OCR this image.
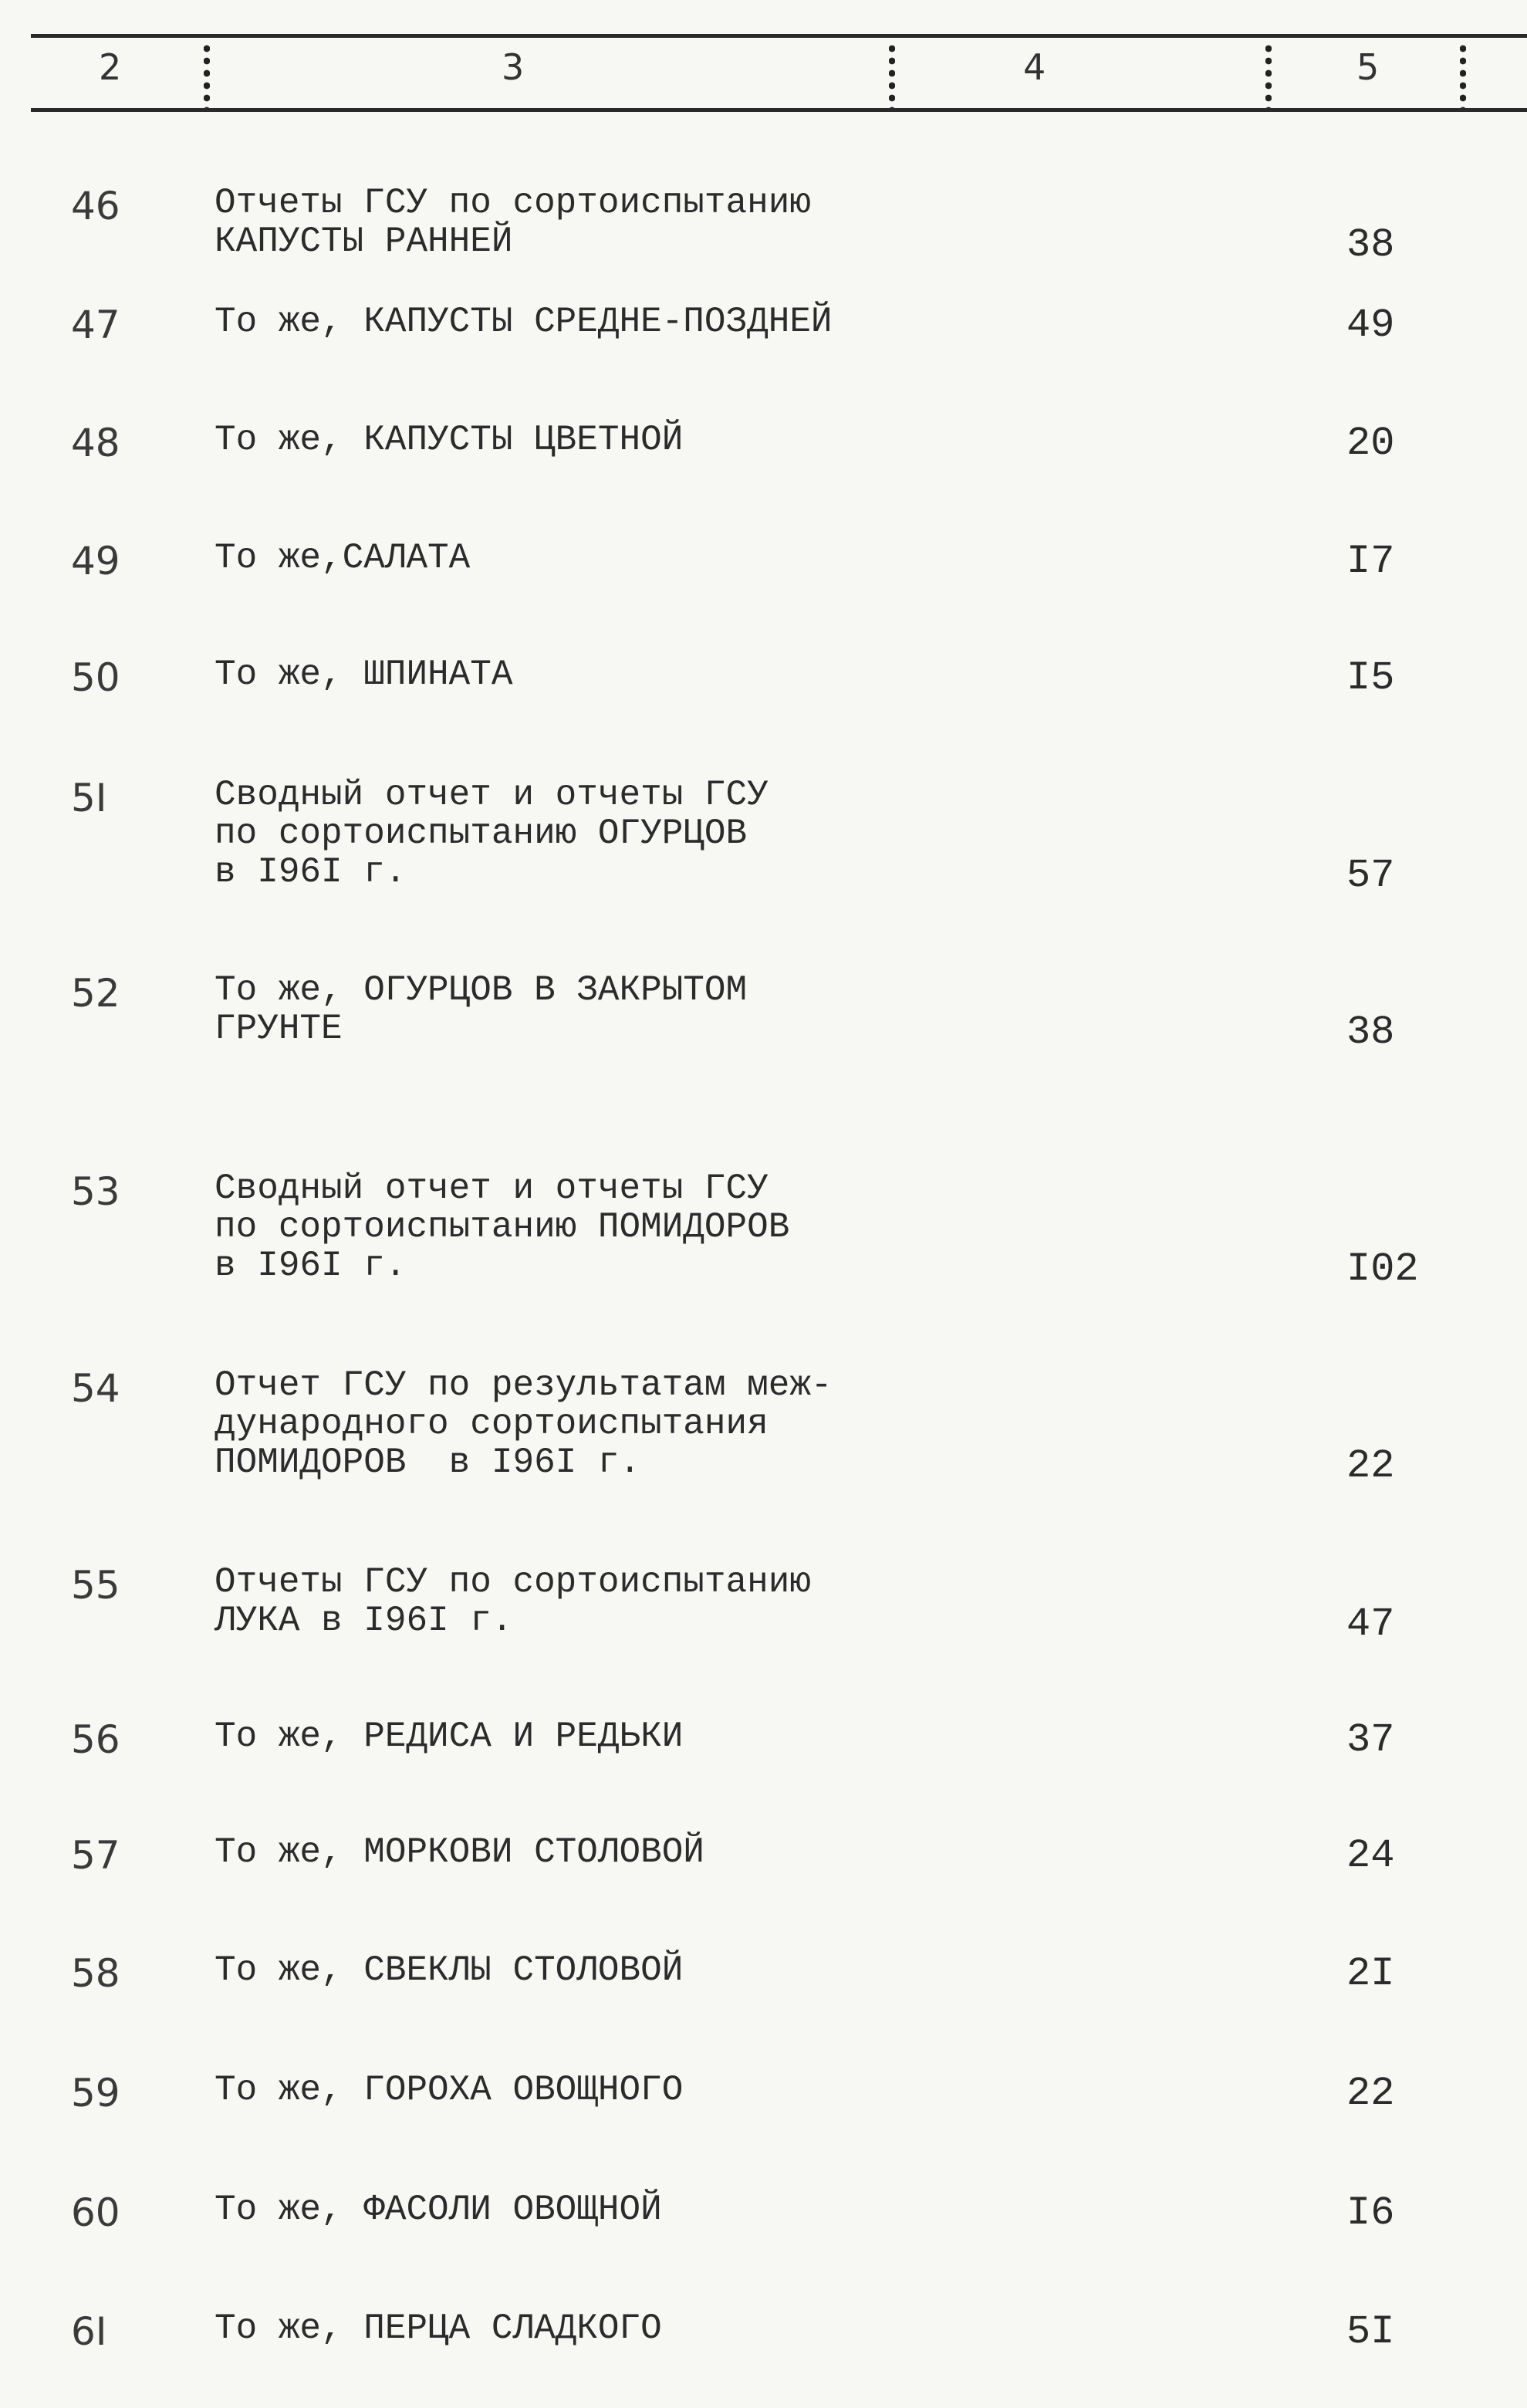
2	3	4	5
46	Отчеты ГСУ по сортоиспытанию
КАПУСТЫ РАННЕЙ	38
47	То же, КАПУСТЫ СРЕДНЕ-ПОЗДНЕЙ	49
48	То же, КАПУСТЫ ЦВЕТНОЙ	20
49	То же,САЛАТА	I7
50	То же, ШПИНАТА	I5
5I	Сводный отчет и отчеты ГСУ
по сортоиспытанию ОГУРЦОВ
в I96I г.	57
52	То же, ОГУРЦОВ В ЗАКРЫТОМ
ГРУНТЕ	38
53	Сводный отчет и отчеты ГСУ
по сортоиспытанию ПОМИДОРОВ
в I96I г.	I02
54	Отчет ГСУ по результатам меж-
дународного сортоиспытания
ПОМИДОРОВ  в I96I г.	22
55	Отчеты ГСУ по сортоиспытанию
ЛУКА в I96I г.	47
56	То же, РЕДИСА И РЕДЬКИ	37
57	То же, МОРКОВИ СТОЛОВОЙ	24
58	То же, СВЕКЛЫ СТОЛОВОЙ	2I
59	То же, ГОРОХА ОВОЩНОГО	22
60	То же, ФАСОЛИ ОВОЩНОЙ	I6
6I	То же, ПЕРЦА СЛАДКОГО	5I
